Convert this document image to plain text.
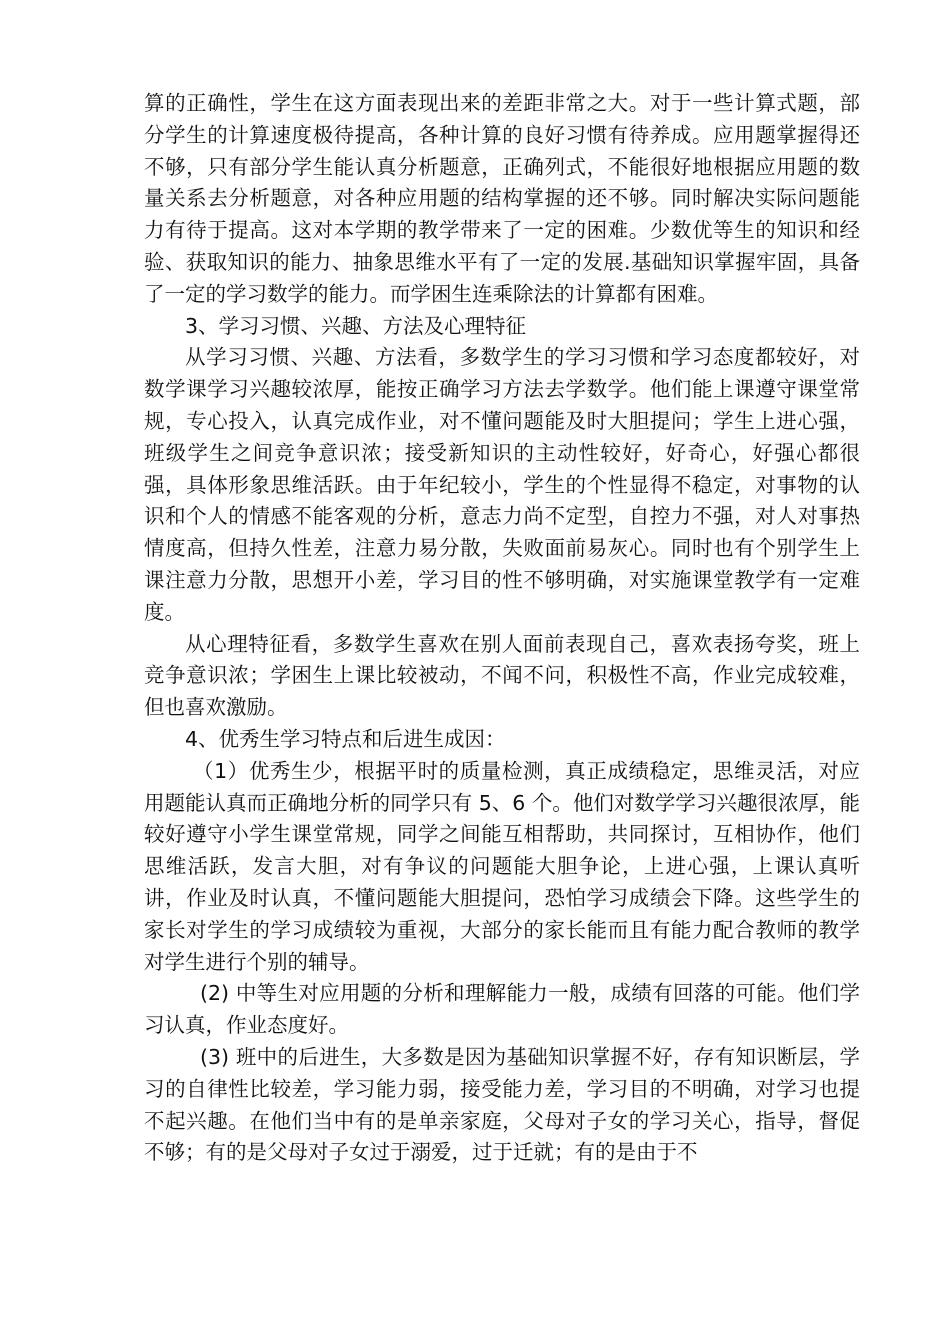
算的正确性，学生在这方面表现出来的差距非常之大。对于一些计算式题，部分学生的计算速度极待提高，各种计算的良好习惯有待养成。应用题掌握得还不够，只有部分学生能认真分析题意，正确列式，不能很好地根据应用题的数量关系去分析题意，对各种应用题的结构掌握的还不够。同时解决实际问题能力有待于提高。这对本学期的教学带来了一定的困难。少数优等生的知识和经验、获取知识的能力、抽象思维水平有了一定的发展.基础知识掌握牢固，具备了一定的学习数学的能力。而学困生连乘除法的计算都有困难。

3、学习习惯、兴趣、方法及心理特征

从学习习惯、兴趣、方法看，多数学生的学习习惯和学习态度都较好，对数学课学习兴趣较浓厚，能按正确学习方法去学数学。他们能上课遵守课堂常规，专心投入，认真完成作业，对不懂问题能及时大胆提问；学生上进心强，班级学生之间竞争意识浓；接受新知识的主动性较好，好奇心，好强心都很强，具体形象思维活跃。由于年纪较小，学生的个性显得不稳定，对事物的认识和个人的情感不能客观的分析，意志力尚不定型，自控力不强，对人对事热情度高，但持久性差，注意力易分散，失败面前易灰心。同时也有个别学生上课注意力分散，思想开小差，学习目的性不够明确，对实施课堂教学有一定难度。

从心理特征看，多数学生喜欢在别人面前表现自己，喜欢表扬夸奖，班上竞争意识浓；学困生上课比较被动，不闻不问，积极性不高，作业完成较难，但也喜欢激励。

4、优秀生学习特点和后进生成因：

（1）优秀生少，根据平时的质量检测，真正成绩稳定，思维灵活，对应用题能认真而正确地分析的同学只有 5、6 个。他们对数学学习兴趣很浓厚，能较好遵守小学生课堂常规，同学之间能互相帮助，共同探讨，互相协作，他们思维活跃，发言大胆，对有争议的问题能大胆争论，上进心强，上课认真听讲，作业及时认真，不懂问题能大胆提问，恐怕学习成绩会下降。这些学生的家长对学生的学习成绩较为重视，大部分的家长能而且有能力配合教师的教学对学生进行个别的辅导。

(2) 中等生对应用题的分析和理解能力一般，成绩有回落的可能。他们学习认真，作业态度好。

(3) 班中的后进生，大多数是因为基础知识掌握不好，存有知识断层，学习的自律性比较差，学习能力弱，接受能力差，学习目的不明确，对学习也提不起兴趣。在他们当中有的是单亲家庭，父母对子女的学习关心，指导，督促不够；有的是父母对子女过于溺爱，过于迁就；有的是由于不
